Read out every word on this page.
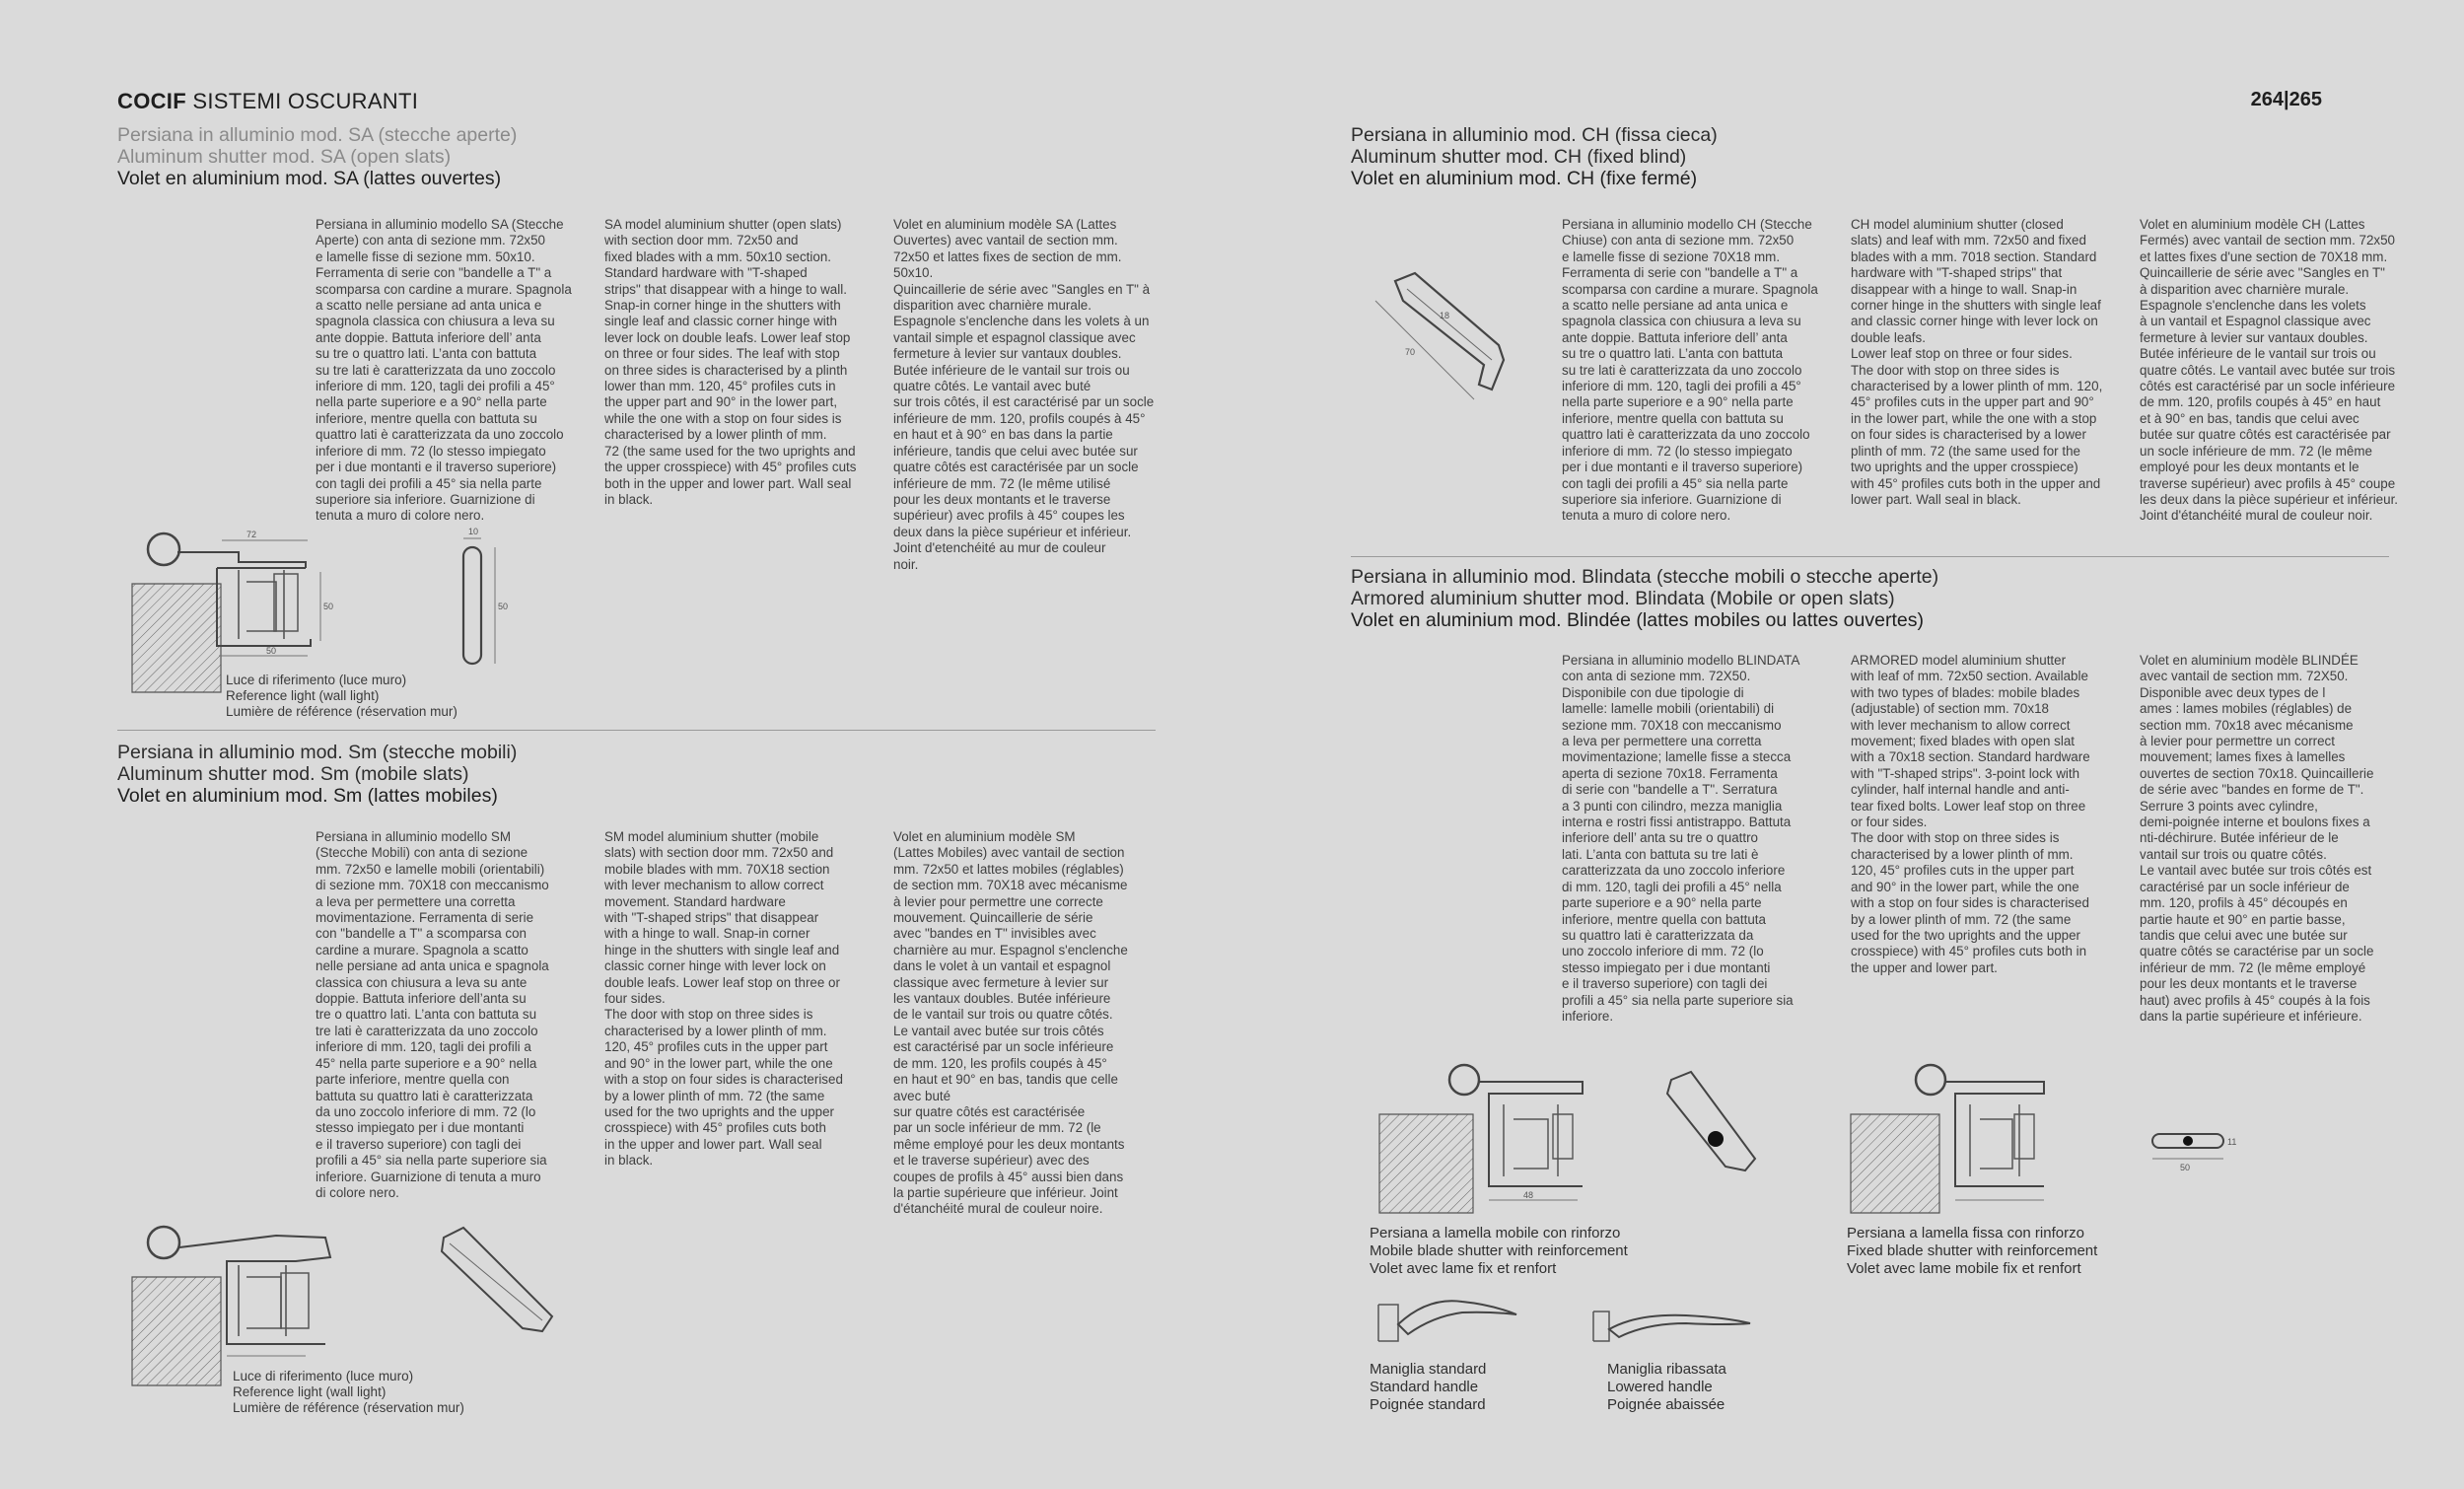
COCIF SISTEMI OSCURANTI	264|265
Persiana in alluminio mod. SA (stecche aperte)
Aluminum shutter mod. SA (open slats)
Volet en aluminium mod. SA (lattes ouvertes)
Persiana in alluminio modello SA (Stecche
Aperte) con anta di sezione mm. 72x50
e lamelle fisse di sezione mm. 50x10.
Ferramenta di serie con "bandelle a T" a
scomparsa con cardine a murare. Spagnola
a scatto nelle persiane ad anta unica e
spagnola classica con chiusura a leva su
ante doppie. Battuta inferiore dell’ anta
su tre o quattro lati. L’anta con battuta
su tre lati è caratterizzata da uno zoccolo
inferiore di mm. 120, tagli dei profili a 45°
nella parte superiore e a 90° nella parte
inferiore, mentre quella con battuta su
quattro lati è caratterizzata da uno zoccolo
inferiore di mm. 72 (lo stesso impiegato
per i due montanti e il traverso superiore)
con tagli dei profili a 45° sia nella parte
superiore sia inferiore. Guarnizione di
tenuta a muro di colore nero.
SA model aluminium shutter (open slats)
with section door mm. 72x50 and
fixed blades with a mm. 50x10 section.
Standard hardware with "T-shaped
strips" that disappear with a hinge to wall.
Snap-in corner hinge in the shutters with
single leaf and classic corner hinge with
lever lock on double leafs. Lower leaf stop
on three or four sides. The leaf with stop
on three sides is characterised by a plinth
lower than mm. 120, 45° profiles cuts in
the upper part and 90° in the lower part,
while the one with a stop on four sides is
characterised by a lower plinth of mm.
72 (the same used for the two uprights and
the upper crosspiece) with 45° profiles cuts
both in the upper and lower part. Wall seal
in black.
Volet en aluminium modèle SA (Lattes
Ouvertes) avec vantail de section mm.
72x50 et lattes fixes de section de mm.
50x10.
Quincaillerie de série avec "Sangles en T" à
disparition avec charnière murale.
Espagnole s'enclenche dans les volets à un
vantail simple et espagnol classique avec
fermeture à levier sur vantaux doubles.
Butée inférieure de le vantail sur trois ou
quatre côtés. Le vantail avec buté
sur trois côtés, il est caractérisé par un socle
inférieure de mm. 120, profils coupés à 45°
en haut et à 90° en bas dans la partie
inférieure, tandis que celui avec butée sur
quatre côtés est caractérisée par un socle
inférieure de mm. 72 (le même utilisé
pour les deux montants et le traverse
supérieur) avec profils à 45° coupes les
deux dans la pièce supérieur et inférieur.
Joint d'etenchéité au mur de couleur
noir.
72
50
50
10
50
Luce di riferimento (luce muro)
Reference light (wall light)
Lumière de référence (réservation mur)
Persiana in alluminio mod. Sm (stecche mobili)
Aluminum shutter mod. Sm (mobile slats)
Volet en aluminium mod. Sm (lattes mobiles)
Persiana in alluminio modello SM
(Stecche Mobili) con anta di sezione
mm. 72x50 e lamelle mobili (orientabili)
di sezione mm. 70X18 con meccanismo
a leva per permettere una corretta
movimentazione. Ferramenta di serie
con "bandelle a T" a scomparsa con
cardine a murare. Spagnola a scatto
nelle persiane ad anta unica e spagnola
classica con chiusura a leva su ante
doppie. Battuta inferiore dell’anta su
tre o quattro lati. L’anta con battuta su
tre lati è caratterizzata da uno zoccolo
inferiore di mm. 120, tagli dei profili a
45° nella parte superiore e a 90° nella
parte inferiore, mentre quella con
battuta su quattro lati è caratterizzata
da uno zoccolo inferiore di mm. 72 (lo
stesso impiegato per i due montanti
e il traverso superiore) con tagli dei
profili a 45° sia nella parte superiore sia
inferiore. Guarnizione di tenuta a muro
di colore nero.
SM model aluminium shutter (mobile
slats) with section door mm. 72x50 and
mobile blades with mm. 70X18 section
with lever mechanism to allow correct
movement. Standard hardware
with "T-shaped strips" that disappear
with a hinge to wall. Snap-in corner
hinge in the shutters with single leaf and
classic corner hinge with lever lock on
double leafs. Lower leaf stop on three or
four sides.
The door with stop on three sides is
characterised by a lower plinth of mm.
120, 45° profiles cuts in the upper part
and 90° in the lower part, while the one
with a stop on four sides is characterised
by a lower plinth of mm. 72 (the same
used for the two uprights and the upper
crosspiece) with 45° profiles cuts both
in the upper and lower part. Wall seal
in black.
Volet en aluminium modèle SM
(Lattes Mobiles) avec vantail de section
mm. 72x50 et lattes mobiles (réglables)
de section mm. 70X18 avec mécanisme
à levier pour permettre une correcte
mouvement. Quincaillerie de série
avec "bandes en T" invisibles avec
charnière au mur. Espagnol s'enclenche
dans le volet à un vantail et espagnol
classique avec fermeture à levier sur
les vantaux doubles. Butée inférieure
de le vantail sur trois ou quatre côtés.
Le vantail avec butée sur trois côtés
est caractérisé par un socle inférieure
de mm. 120, les profils coupés à 45°
en haut et 90° en bas, tandis que celle
avec buté
sur quatre côtés est caractérisée
par un socle inférieur de mm. 72 (le
même employé pour les deux montants
et le traverse supérieur) avec des
coupes de profils à 45° aussi bien dans
la partie supérieure que inférieur. Joint
d'étanchéité mural de couleur noire.
Luce di riferimento (luce muro)
Reference light (wall light)
Lumière de référence (réservation mur)
Persiana in alluminio mod. CH (fissa cieca)
Aluminum shutter mod. CH (fixed blind)
Volet en aluminium mod. CH (fixe fermé)
Persiana in alluminio modello CH (Stecche
Chiuse) con anta di sezione mm. 72x50
e lamelle fisse di sezione 70X18 mm.
Ferramenta di serie con "bandelle a T" a
scomparsa con cardine a murare. Spagnola
a scatto nelle persiane ad anta unica e
spagnola classica con chiusura a leva su
ante doppie. Battuta inferiore dell’ anta
su tre o quattro lati. L’anta con battuta
su tre lati è caratterizzata da uno zoccolo
inferiore di mm. 120, tagli dei profili a 45°
nella parte superiore e a 90° nella parte
inferiore, mentre quella con battuta su
quattro lati è caratterizzata da uno zoccolo
inferiore di mm. 72 (lo stesso impiegato
per i due montanti e il traverso superiore)
con tagli dei profili a 45° sia nella parte
superiore sia inferiore. Guarnizione di
tenuta a muro di colore nero.
CH model aluminium shutter (closed
slats) and leaf with mm. 72x50 and fixed
blades with a mm. 7018 section. Standard
hardware with "T-shaped strips" that
disappear with a hinge to wall. Snap-in
corner hinge in the shutters with single leaf
and classic corner hinge with lever lock on
double leafs.
Lower leaf stop on three or four sides.
The door with stop on three sides is
characterised by a lower plinth of mm. 120,
45° profiles cuts in the upper part and 90°
in the lower part, while the one with a stop
on four sides is characterised by a lower
plinth of mm. 72 (the same used for the
two uprights and the upper crosspiece)
with 45° profiles cuts both in the upper and
lower part. Wall seal in black.
Volet en aluminium modèle CH (Lattes
Fermés) avec vantail de section mm. 72x50
et lattes fixes d'une section de 70X18 mm.
Quincaillerie de série avec "Sangles en T"
à disparition avec charnière murale.
Espagnole s'enclenche dans les volets
à un vantail et Espagnol classique avec
fermeture à levier sur vantaux doubles.
Butée inférieure de le vantail sur trois ou
quatre côtés. Le vantail avec butée sur trois
côtés est caractérisé par un socle inférieure
de mm. 120, profils coupés à 45° en haut
et à 90° en bas, tandis que celui avec
butée sur quatre côtés est caractérisée par
un socle inférieure de mm. 72 (le même
employé pour les deux montants et le
traverse supérieur) avec profils à 45° coupe
les deux dans la pièce supérieur et inférieur.
Joint d'étanchéité mural de couleur noir.
70
18
Persiana in alluminio mod. Blindata (stecche mobili o stecche aperte)
Armored aluminium shutter mod. Blindata (Mobile or open slats)
Volet en aluminium mod. Blindée (lattes mobiles ou lattes ouvertes)
Persiana in alluminio modello BLINDATA
con anta di sezione mm. 72X50.
Disponibile con due tipologie di
lamelle: lamelle mobili (orientabili) di
sezione mm. 70X18 con meccanismo
a leva per permettere una corretta
movimentazione; lamelle fisse a stecca
aperta di sezione 70x18. Ferramenta
di serie con "bandelle a T". Serratura
a 3 punti con cilindro, mezza maniglia
interna e rostri fissi antistrappo. Battuta
inferiore dell’ anta su tre o quattro
lati. L’anta con battuta su tre lati è
caratterizzata da uno zoccolo inferiore
di mm. 120, tagli dei profili a 45° nella
parte superiore e a 90° nella parte
inferiore, mentre quella con battuta
su quattro lati è caratterizzata da
uno zoccolo inferiore di mm. 72 (lo
stesso impiegato per i due montanti
e il traverso superiore) con tagli dei
profili a 45° sia nella parte superiore sia
inferiore.
ARMORED model aluminium shutter
with leaf of mm. 72x50 section. Available
with two types of blades: mobile blades
(adjustable) of section mm. 70x18
with lever mechanism to allow correct
movement; fixed blades with open slat
with a 70x18 section. Standard hardware
with "T-shaped strips". 3-point lock with
cylinder, half internal handle and anti-
tear fixed bolts. Lower leaf stop on three
or four sides.
The door with stop on three sides is
characterised by a lower plinth of mm.
120, 45° profiles cuts in the upper part
and 90° in the lower part, while the one
with a stop on four sides is characterised
by a lower plinth of mm. 72 (the same
used for the two uprights and the upper
crosspiece) with 45° profiles cuts both in
the upper and lower part.
Volet en aluminium modèle BLINDÉE
avec vantail de section mm. 72X50.
Disponible avec deux types de l
ames : lames mobiles (réglables) de
section mm. 70x18 avec mécanisme
à levier pour permettre un correct
mouvement; lames fixes à lamelles
ouvertes de section 70x18. Quincaillerie
de série avec "bandes en forme de T".
Serrure 3 points avec cylindre,
demi-poignée interne et boulons fixes a
nti-déchirure. Butée inférieur de le
vantail sur trois ou quatre côtés.
Le vantail avec butée sur trois côtés est
caractérisé par un socle inférieur de
mm. 120, profils à 45° découpés en
partie haute et 90° en partie basse,
tandis que celui avec une butée sur
quatre côtés se caractérise par un socle
inférieur de mm. 72 (le même employé
pour les deux montants et le traverse
haut) avec profils à 45° coupés à la fois
dans la partie supérieure et inférieure.
48
Persiana a lamella mobile con rinforzo
Mobile blade shutter with reinforcement
Volet avec lame fix et renfort
50
11
Persiana a lamella fissa con rinforzo
Fixed blade shutter with reinforcement
Volet avec lame mobile fix et renfort
Maniglia standard
Standard handle
Poignée standard
Maniglia ribassata
Lowered handle
Poignée abaissée
